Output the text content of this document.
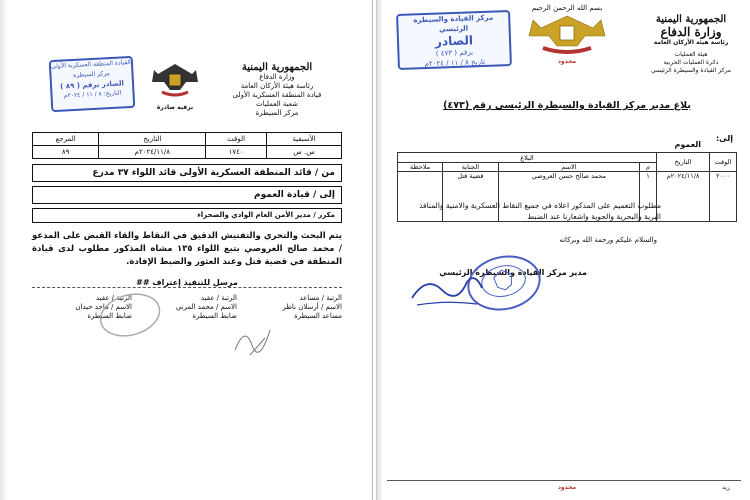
الجمهورية اليمنية
وزارة الدفاع
رئاسة هيئة الأركان العامة
قيادة المنطقة العسكرية الأولى
شعبة العمليات
مركز السيطرة
برقية صادرة
القيادة المنطقة العسكرية الأولى
مركز السيطرة
الصادر برقم ( ٨٩ )
التاريخ: ٨ / ١١ / ٢٠٢٤م
الأسبقية	الوقت	التاريخ	المرجع
س. س	١٧٤٠	٢٠٢٤/١١/٨م	٨٩
من / قائد المنطقة العسكرية الأولى قائد اللواء ٣٧ مدرع
إلى / قيادة العموم
مكرر / مدير الأمن العام الوادي والصحراء
يتم البحث والتحري والتفتيش الدقيق في النقاط والقاء القبض على المدعو / محمد صالح العروصي بتبع اللواء ١٣٥ مشاه المذكور مطلوب لدى قيادة المنطقة في قضية قتل وعند العثور والضبط الإفادة.
مرسل للتنفيذ إعتراف ##
الرتبة / مساعد
الاسم / أرسلان ناظر
مساعد السيطرة
الرتبة / عقيد
الاسم / محمد المرني
ضابط السيطرة
الرتبة / عقيد
الاسم / ماجد حيدان
ضابط السيطرة
بسم الله الرحمن الرحيم
الجمهورية اليمنية
وزارة الدفاع
رئاسة هيئة الأركان العامة
هيئة العمليات
دائرة العمليات الحربية
مركز القيادة والسيطرة الرئيسي
محدود
مركز القيادة والسيطرة الرئيسي
الصادر
برقم ( ٤٧٣ )
تاريخ ٨ / ١١ / ٢٠٢٤م
بلاغ مدير مركز القيادة والسيطرة الرئيسي رقم (٤٧٣)
إلى:
العموم
الوقت	التاريخ	البلاغ			
		م	الاسم	الجناية	ملاحظة
٢٠٠٠	٢٠٢٤/١١/٨م	١	محمد صالح حسن العروصي	قضية قتل	
مطلوب التعميم على المذكور اعلاه في جميع النقاط العسكرية والامنية والمنافذ البرية والبحرية والجوية واشعارنا عند الضبط
والسلام عليكم ورحمة الله وبركاته
مدير مركز القيادة والسيطرة الرئيسي
محدود	زيد
